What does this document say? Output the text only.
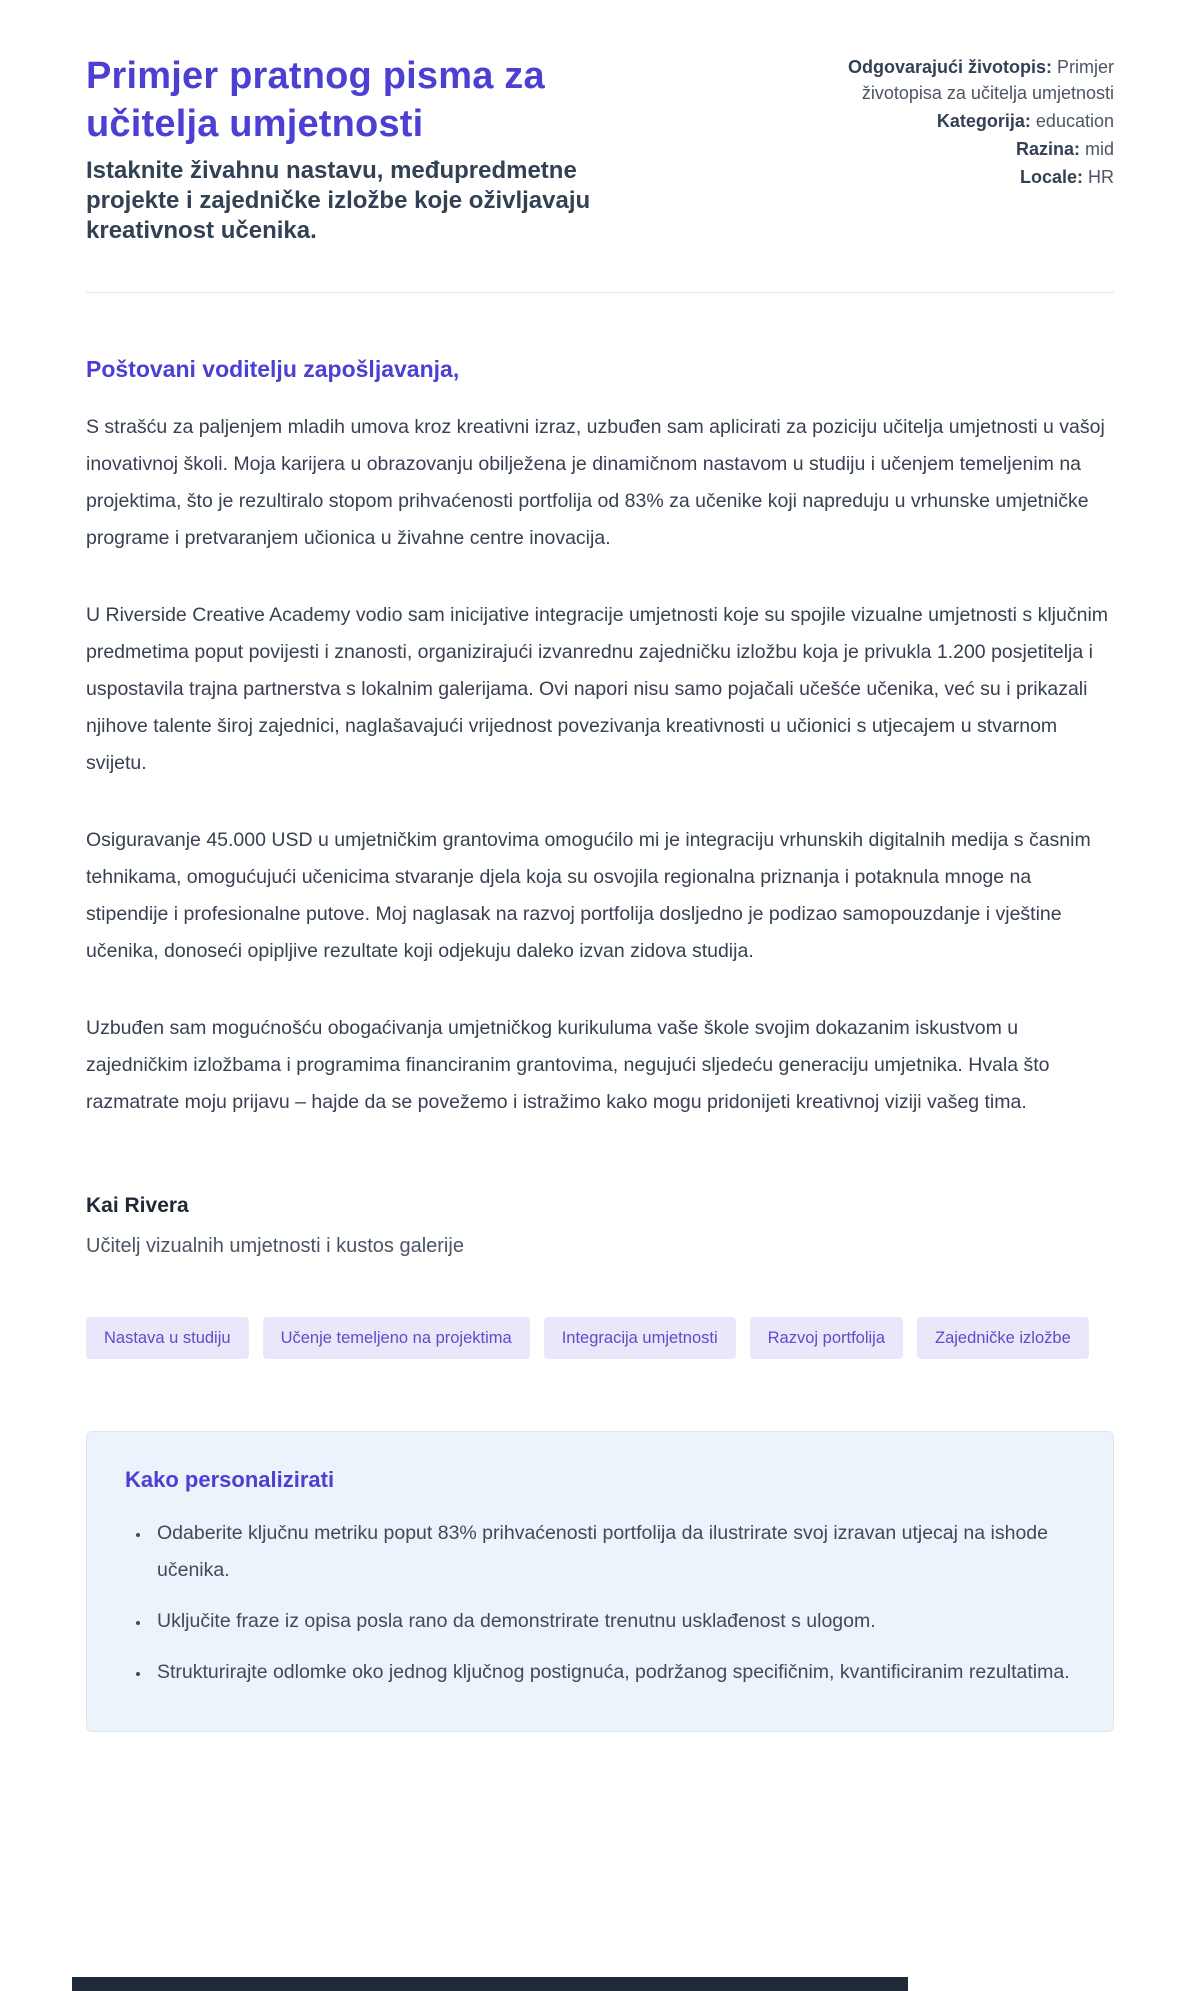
Primjer pratnog pisma za učitelja umjetnosti

Istaknite živahnu nastavu, međupredmetne projekte i zajedničke izložbe koje oživljavaju kreativnost učenika.

Odgovarajući životopis: Primjer životopisa za učitelja umjetnosti
Kategorija: education
Razina: mid
Locale: HR

Poštovani voditelju zapošljavanja,

S strašću za paljenjem mladih umova kroz kreativni izraz, uzbuđen sam aplicirati za poziciju učitelja umjetnosti u vašoj inovativnoj školi. Moja karijera u obrazovanju obilježena je dinamičnom nastavom u studiju i učenjem temeljenim na projektima, što je rezultiralo stopom prihvaćenosti portfolija od 83% za učenike koji napreduju u vrhunske umjetničke programe i pretvaranjem učionica u živahne centre inovacija.

U Riverside Creative Academy vodio sam inicijative integracije umjetnosti koje su spojile vizualne umjetnosti s ključnim predmetima poput povijesti i znanosti, organizirajući izvanrednu zajedničku izložbu koja je privukla 1.200 posjetitelja i uspostavila trajna partnerstva s lokalnim galerijama. Ovi napori nisu samo pojačali učešće učenika, već su i prikazali njihove talente široj zajednici, naglašavajući vrijednost povezivanja kreativnosti u učionici s utjecajem u stvarnom svijetu.

Osiguravanje 45.000 USD u umjetničkim grantovima omogućilo mi je integraciju vrhunskih digitalnih medija s časnim tehnikama, omogućujući učenicima stvaranje djela koja su osvojila regionalna priznanja i potaknula mnoge na stipendije i profesionalne putove. Moj naglasak na razvoj portfolija dosljedno je podizao samopouzdanje i vještine učenika, donoseći opipljive rezultate koji odjekuju daleko izvan zidova studija.

Uzbuđen sam mogućnošću obogaćivanja umjetničkog kurikuluma vaše škole svojim dokazanim iskustvom u zajedničkim izložbama i programima financiranim grantovima, negujući sljedeću generaciju umjetnika. Hvala što razmatrate moju prijavu – hajde da se povežemo i istražimo kako mogu pridonijeti kreativnoj viziji vašeg tima.

Kai Rivera

Učitelj vizualnih umjetnosti i kustos galerije

Nastava u studiju	Učenje temeljeno na projektima	Integracija umjetnosti	Razvoj portfolija	Zajedničke izložbe
Kako personalizirati
• Odaberite ključnu metriku poput 83% prihvaćenosti portfolija da ilustrirate svoj izravan utjecaj na ishode učenika.
• Uključite fraze iz opisa posla rano da demonstrirate trenutnu usklađenost s ulogom.
• Strukturirajte odlomke oko jednog ključnog postignuća, podržanog specifičnim, kvantificiranim rezultatima.
